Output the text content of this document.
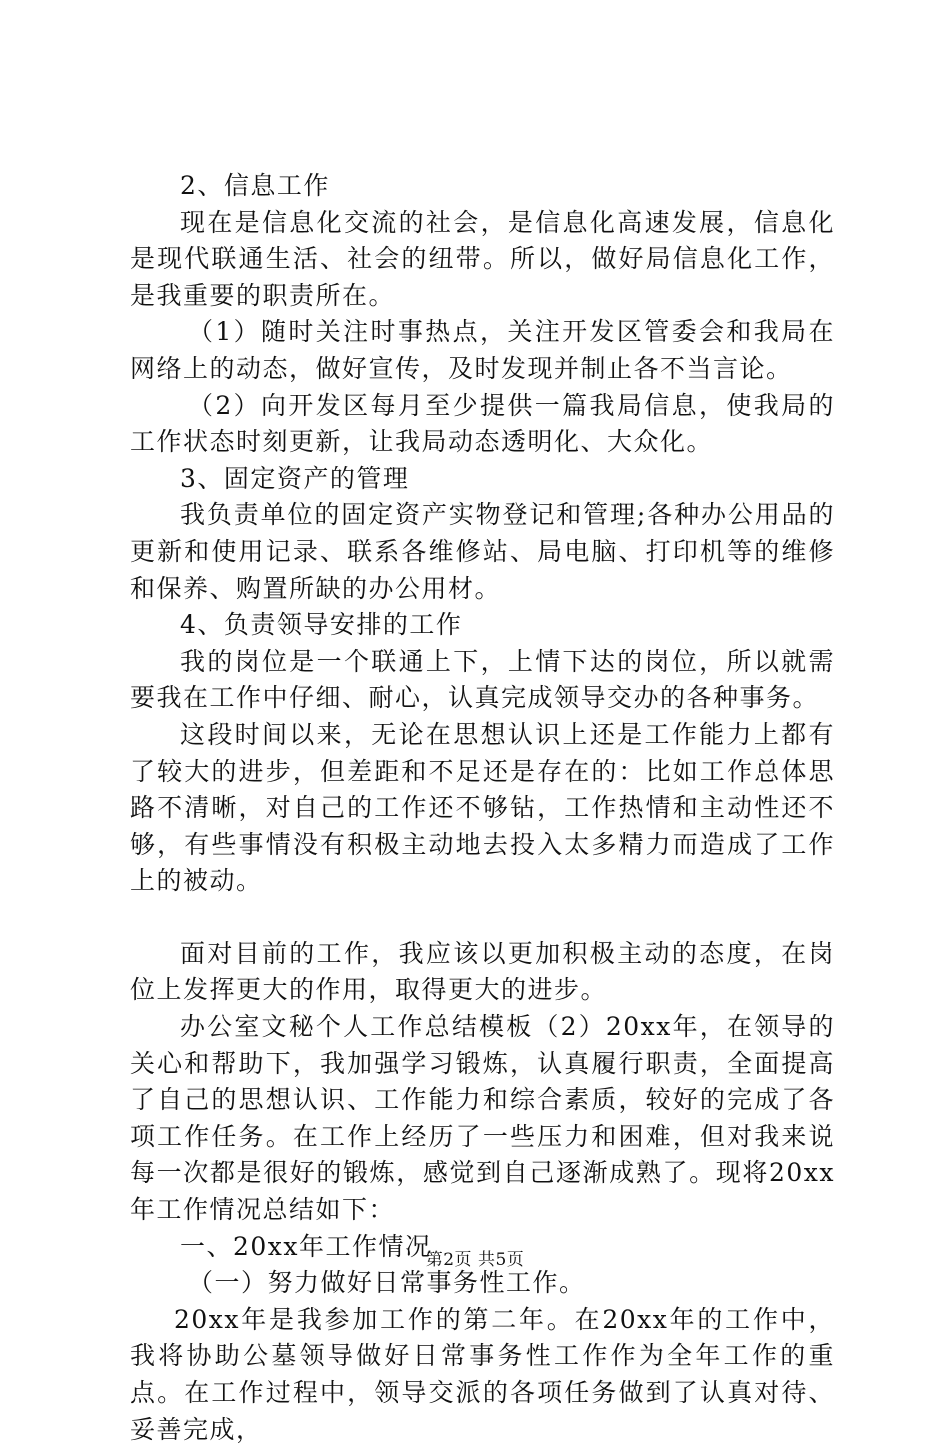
2、信息工作

现在是信息化交流的社会，是信息化高速发展，信息化是现代联通生活、社会的纽带。所以，做好局信息化工作，是我重要的职责所在。

（1）随时关注时事热点，关注开发区管委会和我局在网络上的动态，做好宣传，及时发现并制止各不当言论。

（2）向开发区每月至少提供一篇我局信息，使我局的工作状态时刻更新，让我局动态透明化、大众化。

3、固定资产的管理

我负责单位的固定资产实物登记和管理;各种办公用品的更新和使用记录、联系各维修站、局电脑、打印机等的维修和保养、购置所缺的办公用材。

4、负责领导安排的工作

我的岗位是一个联通上下，上情下达的岗位，所以就需要我在工作中仔细、耐心，认真完成领导交办的各种事务。

这段时间以来，无论在思想认识上还是工作能力上都有了较大的进步，但差距和不足还是存在的：比如工作总体思路不清晰，对自己的工作还不够钻，工作热情和主动性还不够，有些事情没有积极主动地去投入太多精力而造成了工作上的被动。

面对目前的工作，我应该以更加积极主动的态度，在岗位上发挥更大的作用，取得更大的进步。

办公室文秘个人工作总结模板（2）20xx年，在领导的关心和帮助下，我加强学习锻炼，认真履行职责，全面提高了自己的思想认识、工作能力和综合素质，较好的完成了各项工作任务。在工作上经历了一些压力和困难，但对我来说每一次都是很好的锻炼，感觉到自己逐渐成熟了。现将20xx年工作情况总结如下：

一、20xx年工作情况

（一）努力做好日常事务性工作。

20xx年是我参加工作的第二年。在20xx年的工作中，我将协助公墓领导做好日常事务性工作作为全年工作的重点。在工作过程中，领导交派的各项任务做到了认真对待、妥善完成，

第2页 共5页
